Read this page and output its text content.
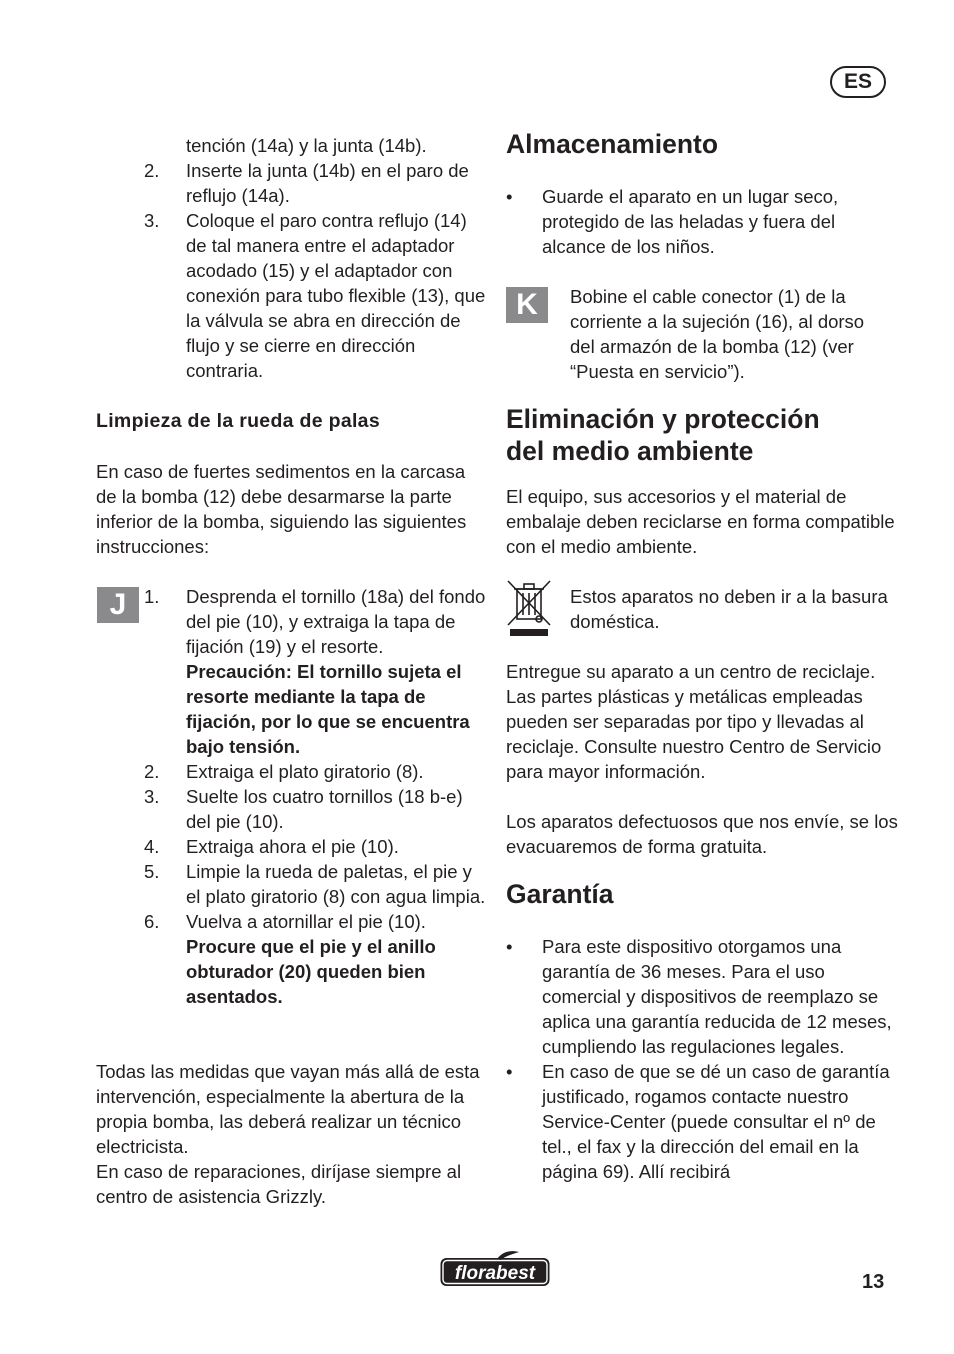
ES
tención (14a) y la junta (14b).
2. Inserte la junta (14b) en el paro de reflujo (14a).
3. Coloque el paro contra reflujo (14) de tal manera entre el adaptador acodado (15) y el adaptador con conexión para tubo flexible (13), que la válvula se abra en dirección de flujo y se cierre en dirección contraria.
Limpieza de la rueda de palas

En caso de fuertes sedimentos en la carcasa de la bomba (12) debe desarmarse la parte inferior de la bomba, siguiendo las siguientes instrucciones:

J 1. Desprenda el tornillo (18a) del fondo del pie (10), y extraiga la tapa de fijación (19) y el resorte.
Precaución: El tornillo sujeta el resorte mediante la tapa de fijación, por lo que se encuentra bajo tensión.
2. Extraiga el plato giratorio (8).
3. Suelte los cuatro tornillos (18 b-e) del pie (10).
4. Extraiga ahora el pie (10).
5. Limpie la rueda de paletas, el pie y el plato giratorio (8) con agua limpia.
6. Vuelva a atornillar el pie (10).
Procure que el pie y el anillo obturador (20) queden bien asentados.

Todas las medidas que vayan más allá de esta intervención, especialmente la abertura de la propia bomba, las deberá realizar un técnico electricista.

En caso de reparaciones, diríjase siempre al centro de asistencia Grizzly.

Almacenamiento
• Guarde el aparato en un lugar seco, protegido de las heladas y fuera del alcance de los niños.
K	Bobine el cable conector (1) de la corriente a la sujeción (16), al dorso del armazón de la bomba (12) (ver “Puesta en servicio”).

Eliminación y protección
del medio ambiente

El equipo, sus accesorios y el material de embalaje deben reciclarse en forma compatible con el medio ambiente.

Estos aparatos no deben ir a la basura doméstica.

Entregue su aparato a un centro de reciclaje. Las partes plásticas y metálicas empleadas pueden ser separadas por tipo y llevadas al reciclaje. Consulte nuestro Centro de Servicio para mayor información.

Los aparatos defectuosos que nos envíe, se los evacuaremos de forma gratuita.

Garantía
• Para este dispositivo otorgamos una garantía de 36 meses. Para el uso comercial y dispositivos de reemplazo se aplica una garantía reducida de 12 meses, cumpliendo las regulaciones legales.
• En caso de que se dé un caso de garantía justificado, rogamos contacte nuestro Service-Center (puede consultar el nº de tel., el fax y la dirección del email en la página 69). Allí recibirá
florabest	13
